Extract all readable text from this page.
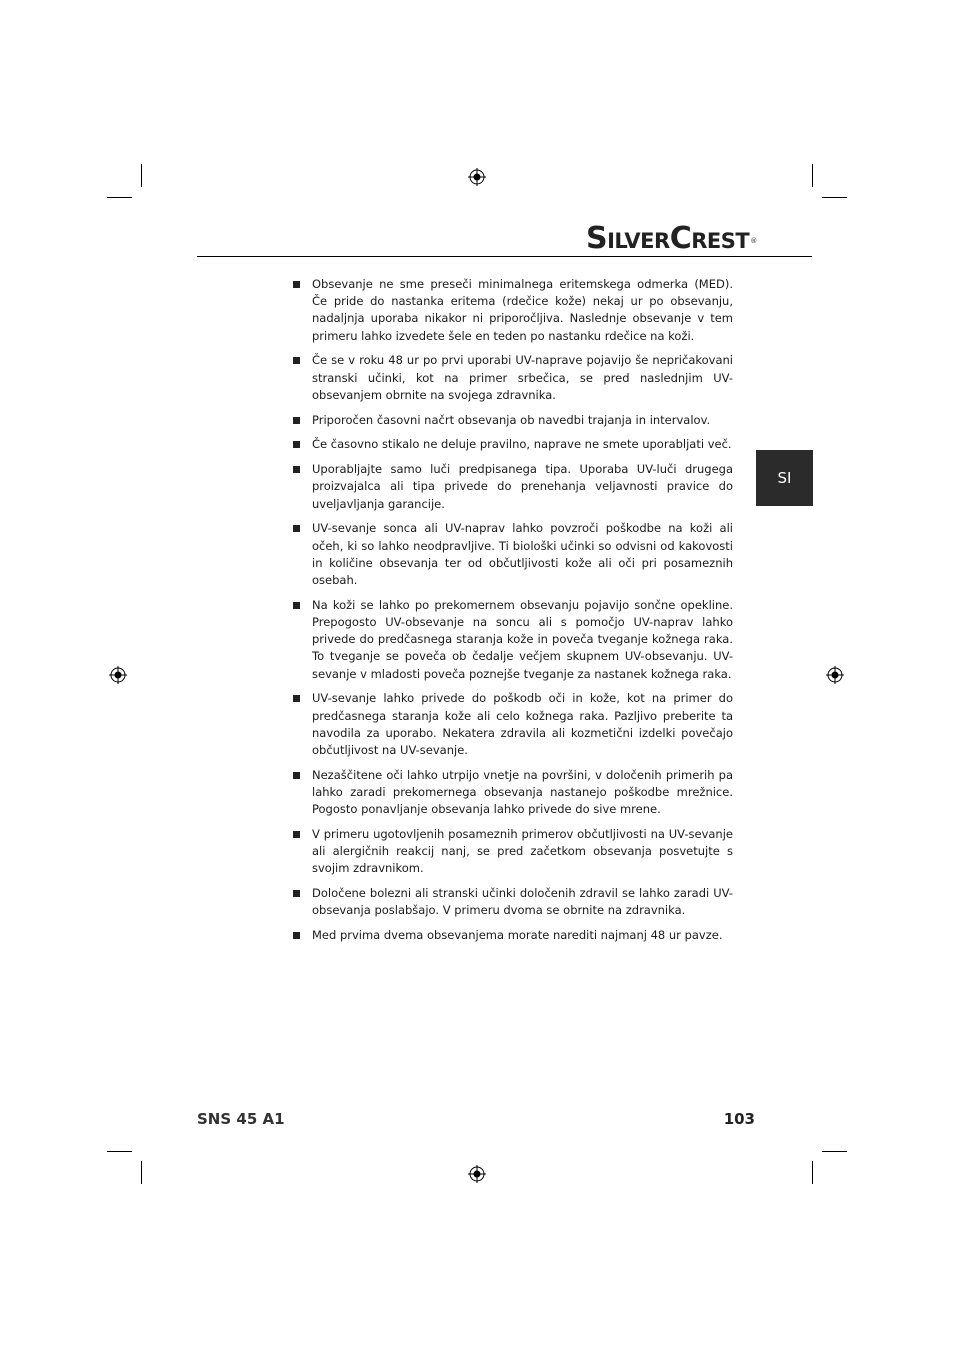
SILVERCREST®
SI
Obsevanje ne sme preseči minimalnega eritemskega odmerka (MED). Če pride do nastanka eritema (rdečice kože) nekaj ur po obsevanju, nadaljnja uporaba nikakor ni priporočljiva. Naslednje obsevanje v tem primeru lahko izvedete šele en teden po nastanku rdečice na koži.
Če se v roku 48 ur po prvi uporabi UV-naprave pojavijo še nepričakovani stranski učinki, kot na primer srbečica, se pred naslednjim UV-obsevanjem obrnite na svojega zdravnika.
Priporočen časovni načrt obsevanja ob navedbi trajanja in intervalov.
Če časovno stikalo ne deluje pravilno, naprave ne smete uporabljati več.
Uporabljajte samo luči predpisanega tipa. Uporaba UV-luči drugega proizvajalca ali tipa privede do prenehanja veljavnosti pravice do uveljavljanja garancije.
UV-sevanje sonca ali UV-naprav lahko povzroči poškodbe na koži ali očeh, ki so lahko neodpravljive. Ti biološki učinki so odvisni od kakovosti in količine obsevanja ter od občutljivosti kože ali oči pri posameznih osebah.
Na koži se lahko po prekomernem obsevanju pojavijo sončne opekline. Prepogosto UV-obsevanje na soncu ali s pomočjo UV-naprav lahko privede do predčasnega staranja kože in poveča tveganje kožnega raka. To tveganje se poveča ob čedalje večjem skupnem UV-obsevanju. UV-sevanje v mladosti poveča poznejše tveganje za nastanek kožnega raka.
UV-sevanje lahko privede do poškodb oči in kože, kot na primer do predčasnega staranja kože ali celo kožnega raka. Pazljivo preberite ta navodila za uporabo. Nekatera zdravila ali kozmetični izdelki povečajo občutljivost na UV-sevanje.
Nezaščitene oči lahko utrpijo vnetje na površini, v določenih primerih pa lahko zaradi prekomernega obsevanja nastanejo poškodbe mrežnice. Pogosto ponavljanje obsevanja lahko privede do sive mrene.
V primeru ugotovljenih posameznih primerov občutljivosti na UV-sevanje ali alergičnih reakcij nanj, se pred začetkom obsevanja posvetujte s svojim zdravnikom.
Določene bolezni ali stranski učinki določenih zdravil se lahko zaradi UV-obsevanja poslabšajo. V primeru dvoma se obrnite na zdravnika.
Med prvima dvema obsevanjema morate narediti najmanj 48 ur pavze.
SNS 45 A1	103
